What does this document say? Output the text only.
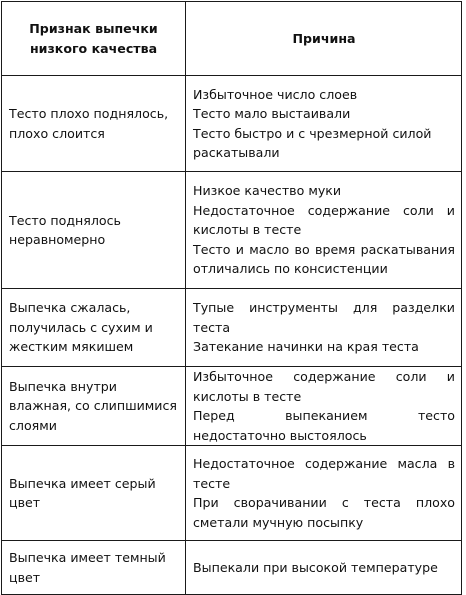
Признак выпечки низкого качества	Причина
Тесто плохо поднялось, плохо слоится	Избыточное число слоев
Тесто мало выстаивали
Тесто быстро и с чрезмерной силой раскатывали

Тесто поднялось неравномерно	Низкое качество муки
Недостаточное содержание соли и кислоты в тесте
Тесто и масло во время раскатывания отличались по консистенции

Выпечка сжалась, получилась с сухим и жестким мякишем	Тупые инструменты для разделки теста
Затекание начинки на края теста

Выпечка внутри влажная, со слипшимися слоями	Избыточное содержание соли и кислоты в тесте
Перед выпеканием тесто недостаточно выстоялось

Выпечка имеет серый цвет	Недостаточное содержание масла в тесте
При сворачивании с теста плохо сметали мучную посыпку

Выпечка имеет темный цвет	Выпекали при высокой температуре
